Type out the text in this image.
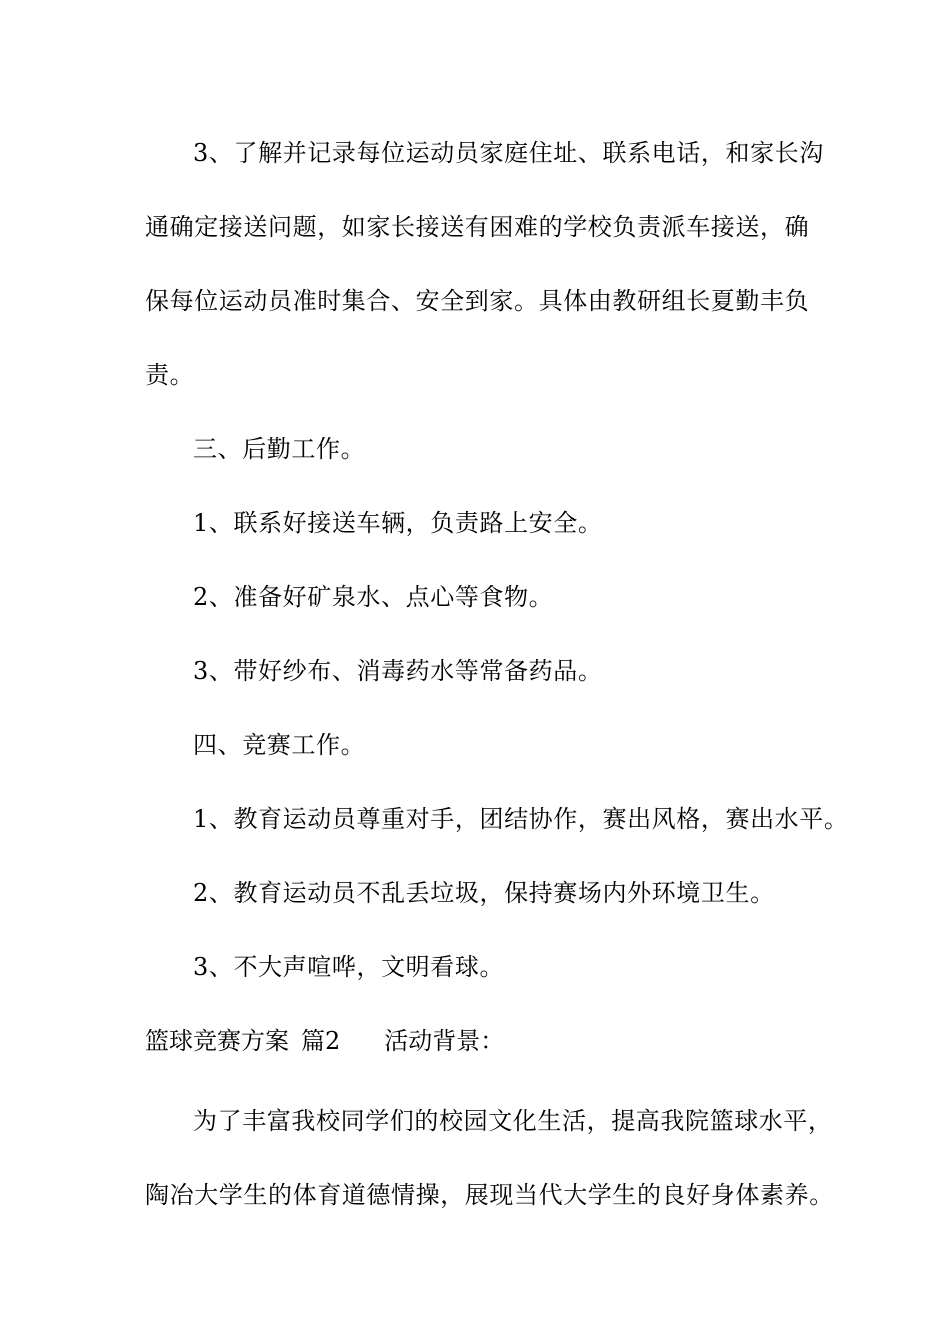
3、了解并记录每位运动员家庭住址、联系电话，和家长沟
通确定接送问题，如家长接送有困难的学校负责派车接送，确
保每位运动员准时集合、安全到家。具体由教研组长夏勤丰负
责。
三、后勤工作。
1、联系好接送车辆，负责路上安全。
2、准备好矿泉水、点心等食物。
3、带好纱布、消毒药水等常备药品。
四、竞赛工作。
1、教育运动员尊重对手，团结协作，赛出风格，赛出水平。
2、教育运动员不乱丢垃圾，保持赛场内外环境卫生。
3、不大声喧哗，文明看球。
篮球竞赛方案 篇2 活动背景：
为了丰富我校同学们的校园文化生活，提高我院篮球水平，
陶冶大学生的体育道德情操，展现当代大学生的良好身体素养。
